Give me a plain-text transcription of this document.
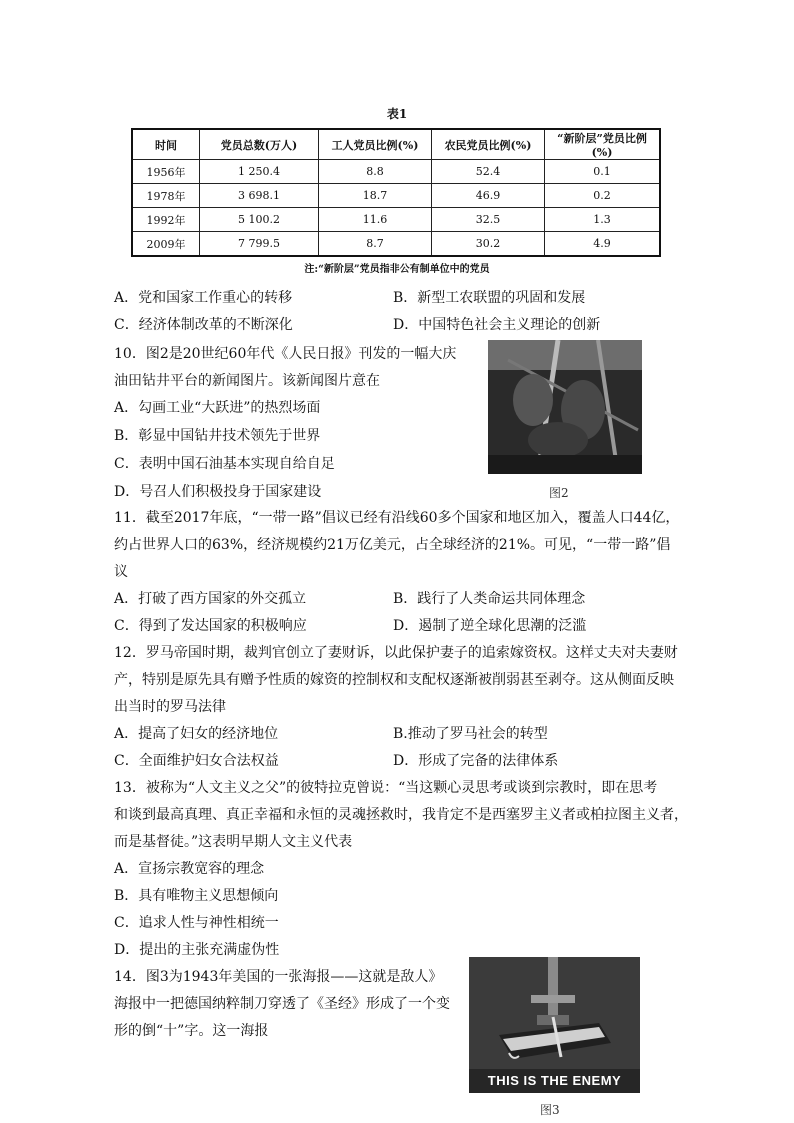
表1
时间	党员总数(万人)	工人党员比例(%)	农民党员比例(%)	“新阶层”党员比例(%)
1956年	1 250.4	8.8	52.4	0.1
1978年	3 698.1	18.7	46.9	0.2
1992年	5 100.2	11.6	32.5	1.3
2009年	7 799.5	8.7	30.2	4.9
注:“新阶层”党员指非公有制单位中的党员
A．党和国家工作重心的转移	B．新型工农联盟的巩固和发展
C．经济体制改革的不断深化	D．中国特色社会主义理论的创新
10．图2是20世纪60年代《人民日报》刊发的一幅大庆
油田钻井平台的新闻图片。该新闻图片意在
A．勾画工业“大跃进”的热烈场面
B．彰显中国钻井技术领先于世界
C．表明中国石油基本实现自给自足
D．号召人们积极投身于国家建设	图2
11．截至2017年底，“一带一路”倡议已经有沿线60多个国家和地区加入，覆盖人口44亿，
约占世界人口的63%，经济规模约21万亿美元，占全球经济的21%。可见，“一带一路”倡
议
A．打破了西方国家的外交孤立	B．践行了人类命运共同体理念
C．得到了发达国家的积极响应	D．遏制了逆全球化思潮的泛滥
12．罗马帝国时期，裁判官创立了妻财诉，以此保护妻子的追索嫁资权。这样丈夫对夫妻财
产，特别是原先具有赠予性质的嫁资的控制权和支配权逐渐被削弱甚至剥夺。这从侧面反映
出当时的罗马法律
A．提高了妇女的经济地位	B.推动了罗马社会的转型
C．全面维护妇女合法权益	D．形成了完备的法律体系
13．被称为“人文主义之父”的彼特拉克曾说：“当这颗心灵思考或谈到宗教时，即在思考
和谈到最高真理、真正幸福和永恒的灵魂拯救时，我肯定不是西塞罗主义者或柏拉图主义者，
而是基督徒。”这表明早期人文主义代表
A．宣扬宗教宽容的理念
B．具有唯物主义思想倾向
C．追求人性与神性相统一
D．提出的主张充满虚伪性
14．图3为1943年美国的一张海报——这就是敌人》
海报中一把德国纳粹制刀穿透了《圣经》形成了一个变
形的倒“十”字。这一海报
THIS IS THE ENEMY
图3
